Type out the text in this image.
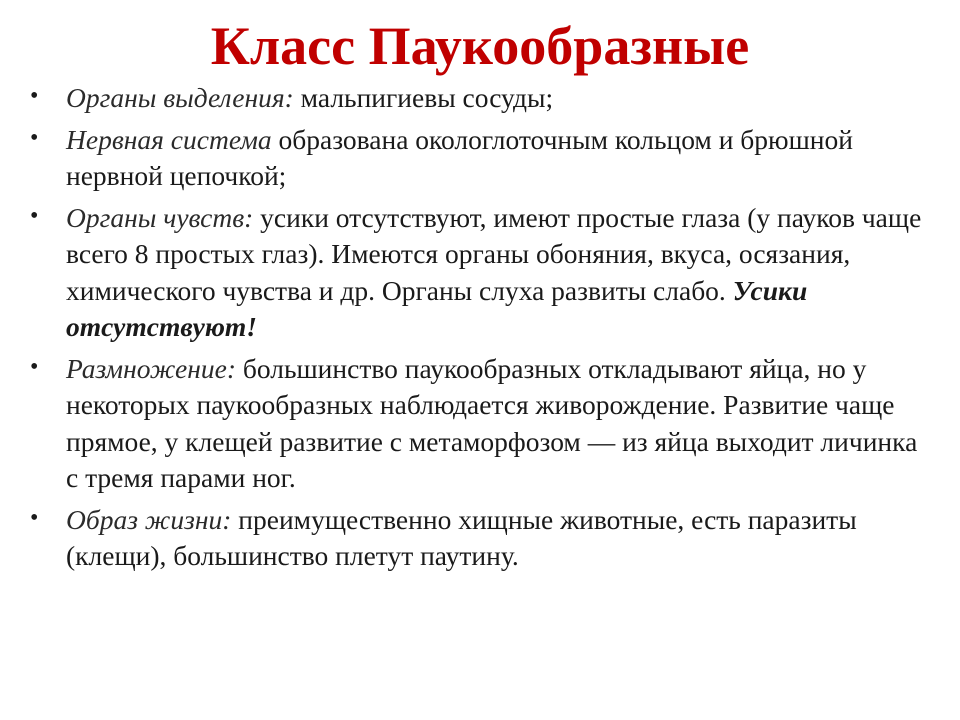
Класс Паукообразные
• Органы выделения: мальпигиевы сосуды;
• Нервная система образована окологлоточным кольцом и брюшной нервной цепочкой;
• Органы чувств: усики отсутствуют, имеют простые глаза (у пауков чаще всего 8 простых глаз). Имеются органы обоняния, вкуса, осязания, химического чувства и др. Органы слуха развиты слабо. Усики отсутствуют!
• Размножение: большинство паукообразных откладывают яйца, но у некоторых паукообразных наблюдается живорождение. Развитие чаще прямое, у клещей развитие с метаморфозом — из яйца выходит личинка с тремя парами ног.
• Образ жизни: преимущественно хищные животные, есть паразиты (клещи), большинство плетут паутину.
